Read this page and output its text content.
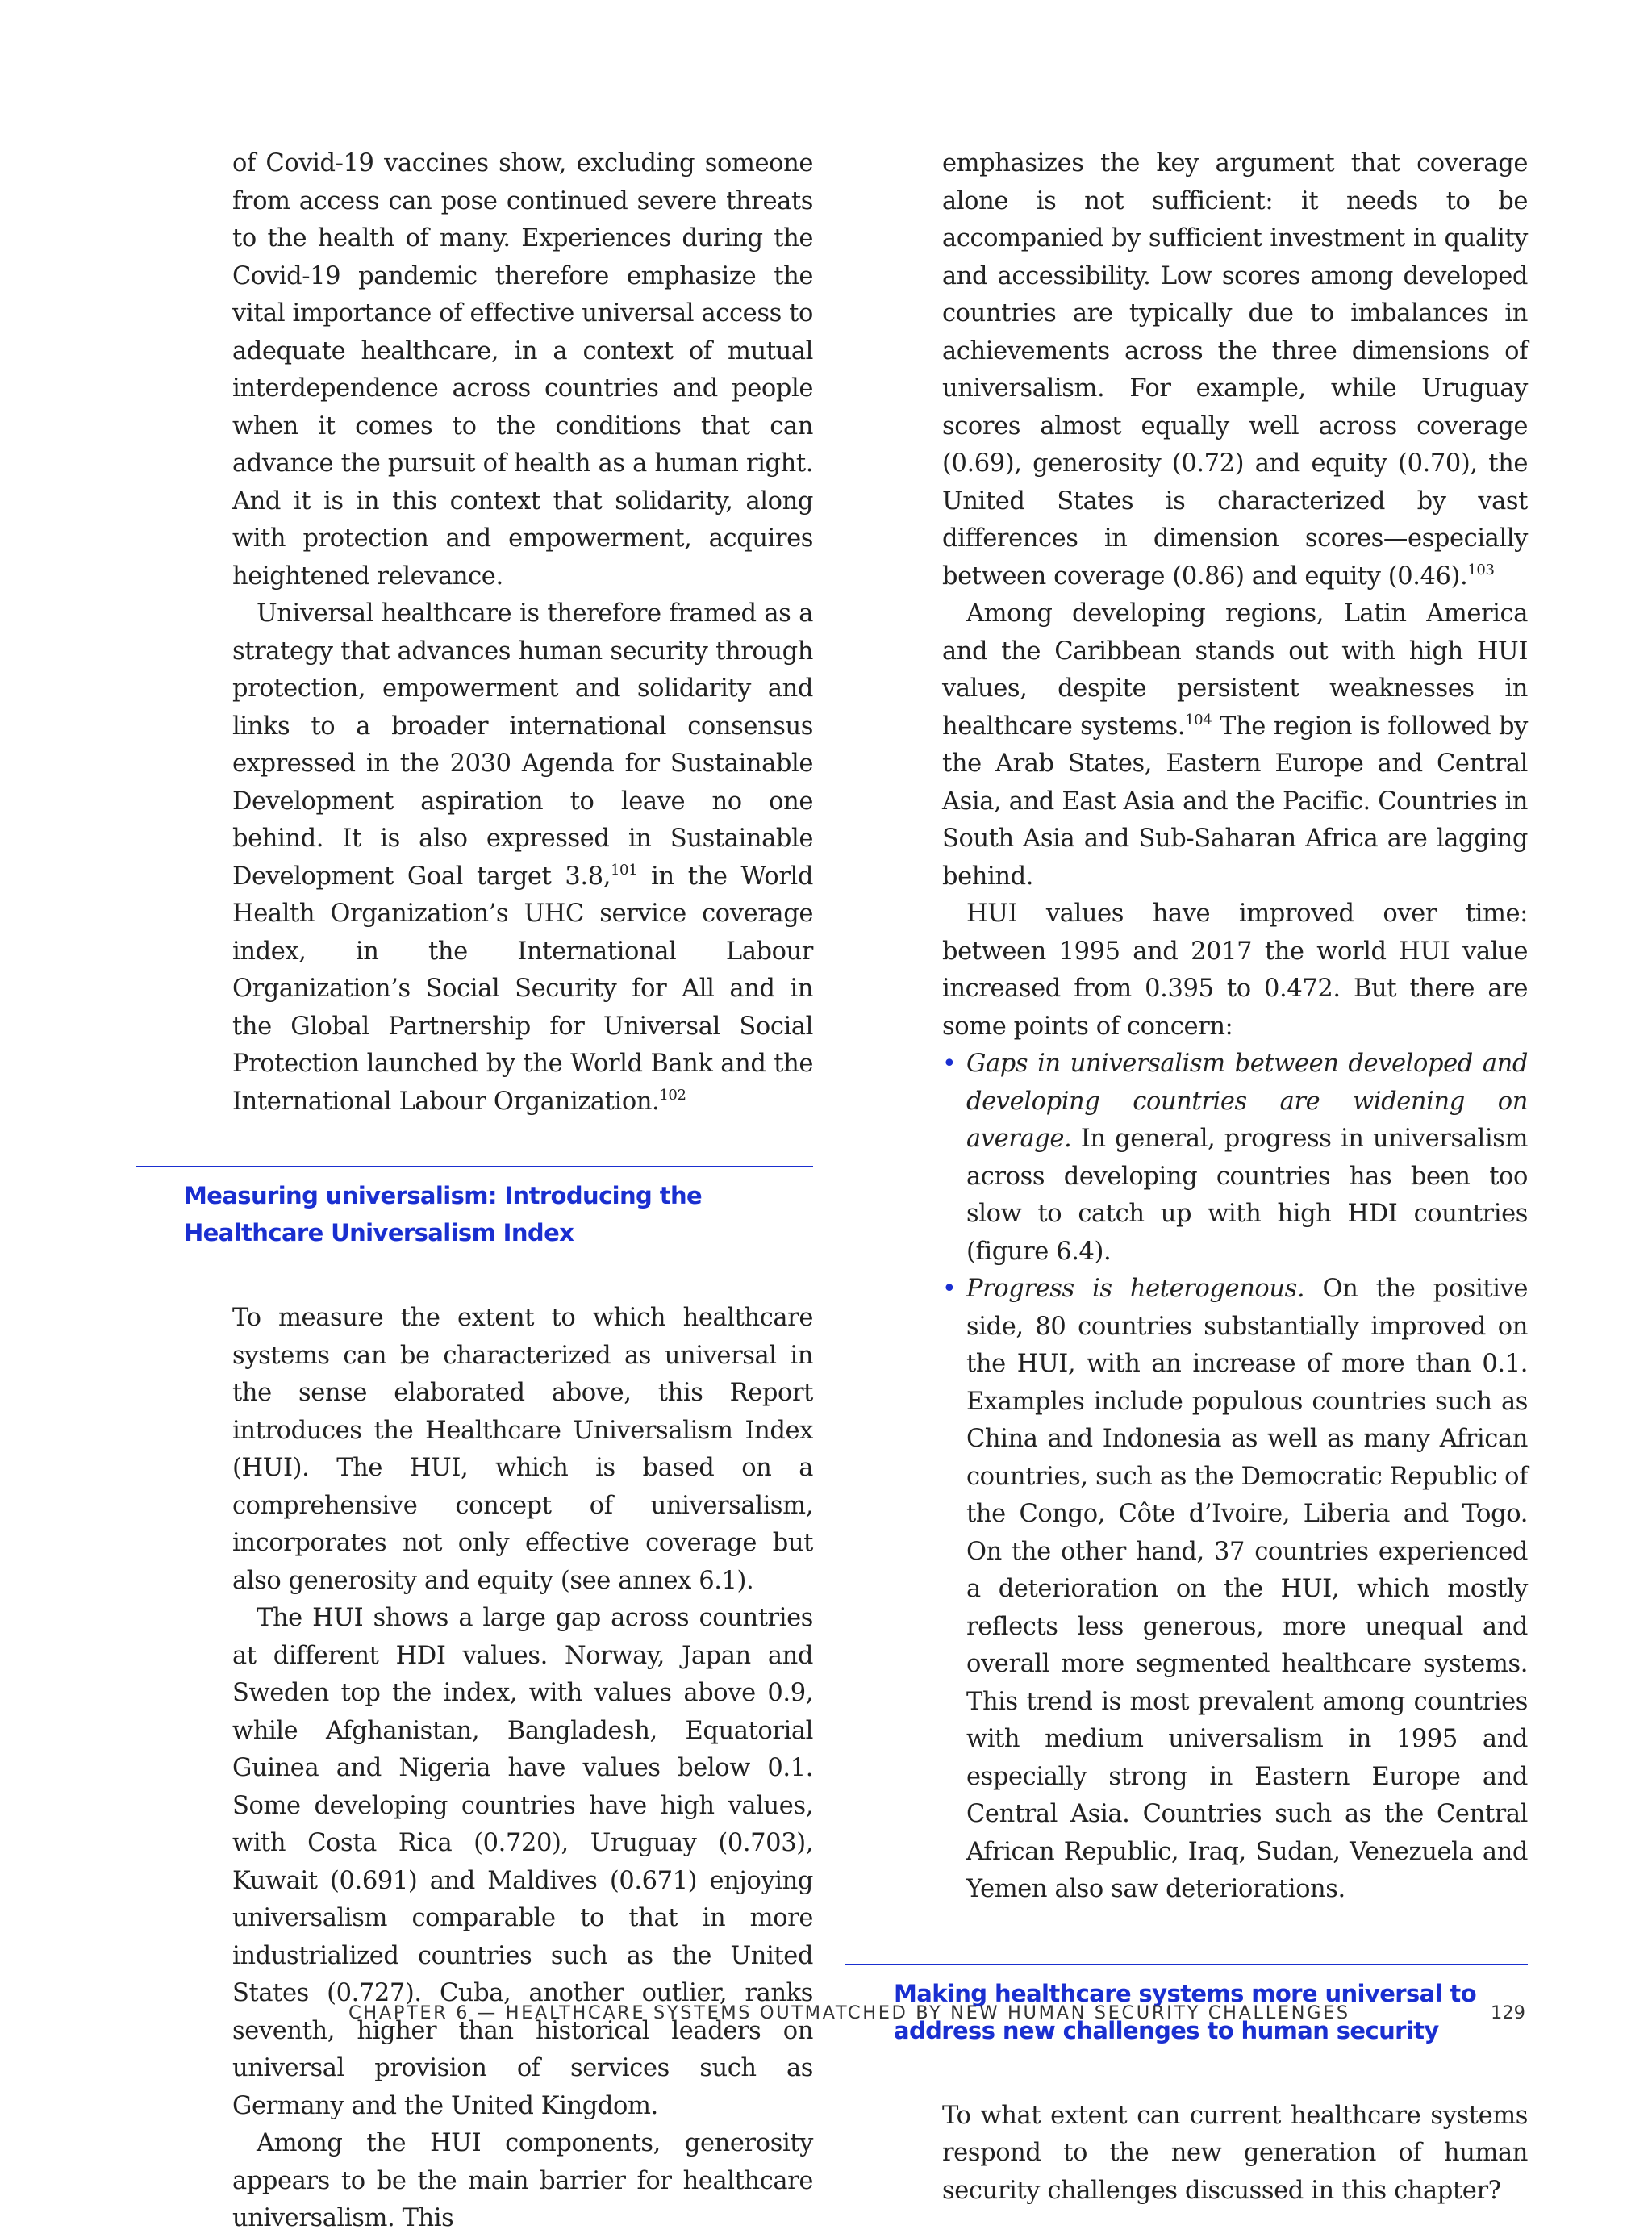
of Covid-19 vaccines show, excluding someone from access can pose continued severe threats to the health of many. Experiences during the Covid-19 pandemic therefore emphasize the vital importance of effective universal access to adequate healthcare, in a context of mutual interdependence across countries and people when it comes to the conditions that can advance the pursuit of health as a human right. And it is in this context that solidarity, along with protection and empowerment, acquires heightened relevance.

Universal healthcare is therefore framed as a strategy that advances human security through protection, empowerment and solidarity and links to a broader international consensus expressed in the 2030 Agenda for Sustainable Development aspiration to leave no one behind. It is also expressed in Sustainable Development Goal target 3.8,$^{101}$ in the World Health Organization’s UHC service coverage index, in the International Labour Organization’s Social Security for All and in the Global Partnership for Universal Social Protection launched by the World Bank and the International Labour Organization.$^{102}$

Measuring universalism: Introducing the
Healthcare Universalism Index

To measure the extent to which healthcare systems can be characterized as universal in the sense elaborated above, this Report introduces the Healthcare Universalism Index (HUI). The HUI, which is based on a comprehensive concept of universalism, incorporates not only effective coverage but also generosity and equity (see annex 6.1).

The HUI shows a large gap across countries at different HDI values. Norway, Japan and Sweden top the index, with values above 0.9, while Afghanistan, Bangladesh, Equatorial Guinea and Nigeria have values below 0.1. Some developing countries have high values, with Costa Rica (0.720), Uruguay (0.703), Kuwait (0.691) and Maldives (0.671) enjoying universalism comparable to that in more industrialized countries such as the United States (0.727). Cuba, another outlier, ranks seventh, higher than historical leaders on universal provision of services such as Germany and the United Kingdom.

Among the HUI components, generosity appears to be the main barrier for healthcare universalism. This

emphasizes the key argument that coverage alone is not sufficient: it needs to be accompanied by sufficient investment in quality and accessibility. Low scores among developed countries are typically due to imbalances in achievements across the three dimensions of universalism. For example, while Uruguay scores almost equally well across coverage (0.69), generosity (0.72) and equity (0.70), the United States is characterized by vast differences in dimension scores—especially between coverage (0.86) and equity (0.46).$^{103}$

Among developing regions, Latin America and the Caribbean stands out with high HUI values, despite persistent weaknesses in healthcare systems.$^{104}$ The region is followed by the Arab States, Eastern Europe and Central Asia, and East Asia and the Pacific. Countries in South Asia and Sub-Saharan Africa are lagging behind.

HUI values have improved over time: between 1995 and 2017 the world HUI value increased from 0.395 to 0.472. But there are some points of concern:

• Gaps in universalism between developed and developing countries are widening on average. In general, progress in universalism across developing countries has been too slow to catch up with high HDI countries (figure 6.4).

• Progress is heterogenous. On the positive side, 80 countries substantially improved on the HUI, with an increase of more than 0.1. Examples include populous countries such as China and Indonesia as well as many African countries, such as the Democratic Republic of the Congo, Côte d’Ivoire, Liberia and Togo. On the other hand, 37 countries experienced a deterioration on the HUI, which mostly reflects less generous, more unequal and overall more segmented healthcare systems. This trend is most prevalent among countries with medium universalism in 1995 and especially strong in Eastern Europe and Central Asia. Countries such as the Central African Republic, Iraq, Sudan, Venezuela and Yemen also saw deteriorations.

Making healthcare systems more universal to
address new challenges to human security

To what extent can current healthcare systems respond to the new generation of human security challenges discussed in this chapter?

CHAPTER 6 — HEALTHCARE SYSTEMS OUTMATCHED BY NEW HUMAN SECURITY CHALLENGES	129
